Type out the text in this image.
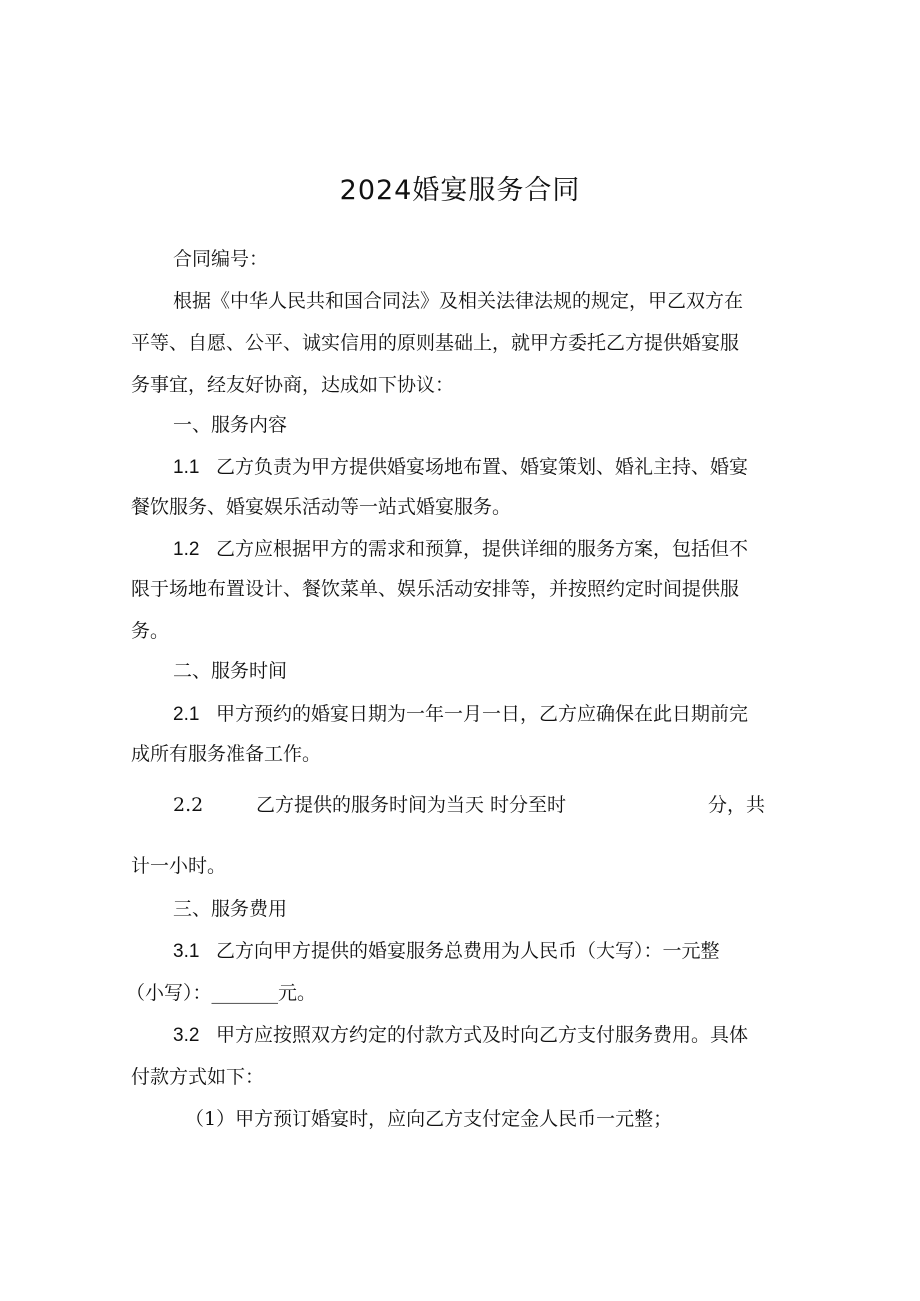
2024婚宴服务合同

合同编号：

根据《中华人民共和国合同法》及相关法律法规的规定，甲乙双方在

平等、自愿、公平、诚实信用的原则基础上，就甲方委托乙方提供婚宴服

务事宜，经友好协商，达成如下协议：

一、服务内容

1.1 乙方负责为甲方提供婚宴场地布置、婚宴策划、婚礼主持、婚宴

餐饮服务、婚宴娱乐活动等一站式婚宴服务。

1.2 乙方应根据甲方的需求和预算，提供详细的服务方案，包括但不

限于场地布置设计、餐饮菜单、娱乐活动安排等，并按照约定时间提供服

务。

二、服务时间

2.1 甲方预约的婚宴日期为一年一月一日，乙方应确保在此日期前完

成所有服务准备工作。

2.2	乙方提供的服务时间为当天 时分至时	分，共

计一小时。

三、服务费用

3.1 乙方向甲方提供的婚宴服务总费用为人民币（大写）：一元整

（小写）：_______元。

3.2 甲方应按照双方约定的付款方式及时向乙方支付服务费用。具体

付款方式如下：

（1）甲方预订婚宴时，应向乙方支付定金人民币一元整；
